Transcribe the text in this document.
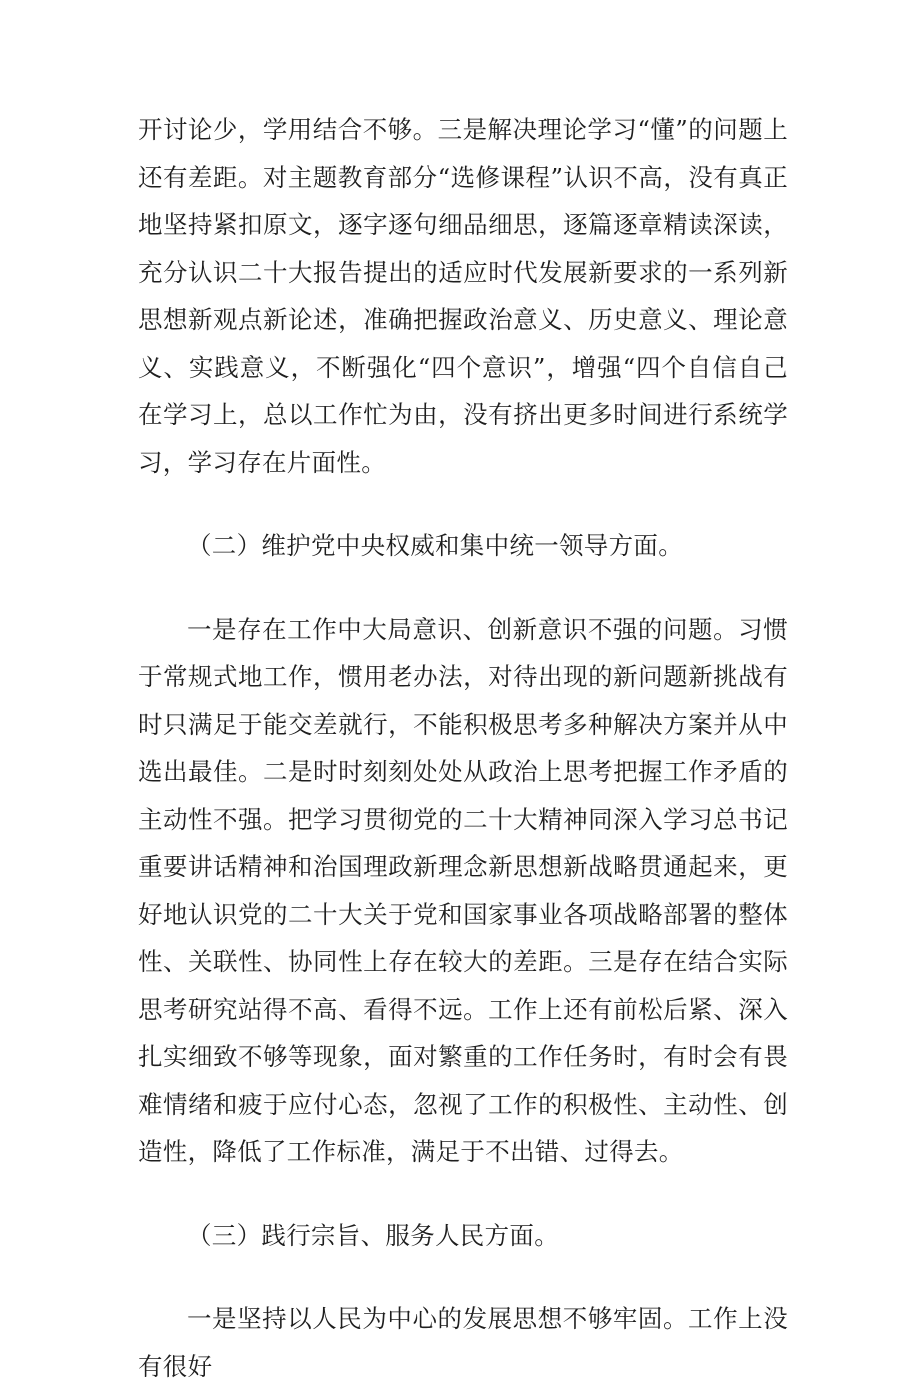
开讨论少，学用结合不够。三是解决理论学习“懂”的问题上还有差距。对主题教育部分“选修课程”认识不高，没有真正地坚持紧扣原文，逐字逐句细品细思，逐篇逐章精读深读，充分认识二十大报告提出的适应时代发展新要求的一系列新思想新观点新论述，准确把握政治意义、历史意义、理论意义、实践意义，不断强化“四个意识”，增强“四个自信自己在学习上，总以工作忙为由，没有挤出更多时间进行系统学习，学习存在片面性。

（二）维护党中央权威和集中统一领导方面。

一是存在工作中大局意识、创新意识不强的问题。习惯于常规式地工作，惯用老办法，对待出现的新问题新挑战有时只满足于能交差就行，不能积极思考多种解决方案并从中选出最佳。二是时时刻刻处处从政治上思考把握工作矛盾的主动性不强。把学习贯彻党的二十大精神同深入学习总书记重要讲话精神和治国理政新理念新思想新战略贯通起来，更好地认识党的二十大关于党和国家事业各项战略部署的整体性、关联性、协同性上存在较大的差距。三是存在结合实际思考研究站得不高、看得不远。工作上还有前松后紧、深入扎实细致不够等现象，面对繁重的工作任务时，有时会有畏难情绪和疲于应付心态，忽视了工作的积极性、主动性、创造性，降低了工作标准，满足于不出错、过得去。

（三）践行宗旨、服务人民方面。

一是坚持以人民为中心的发展思想不够牢固。工作上没有很好
